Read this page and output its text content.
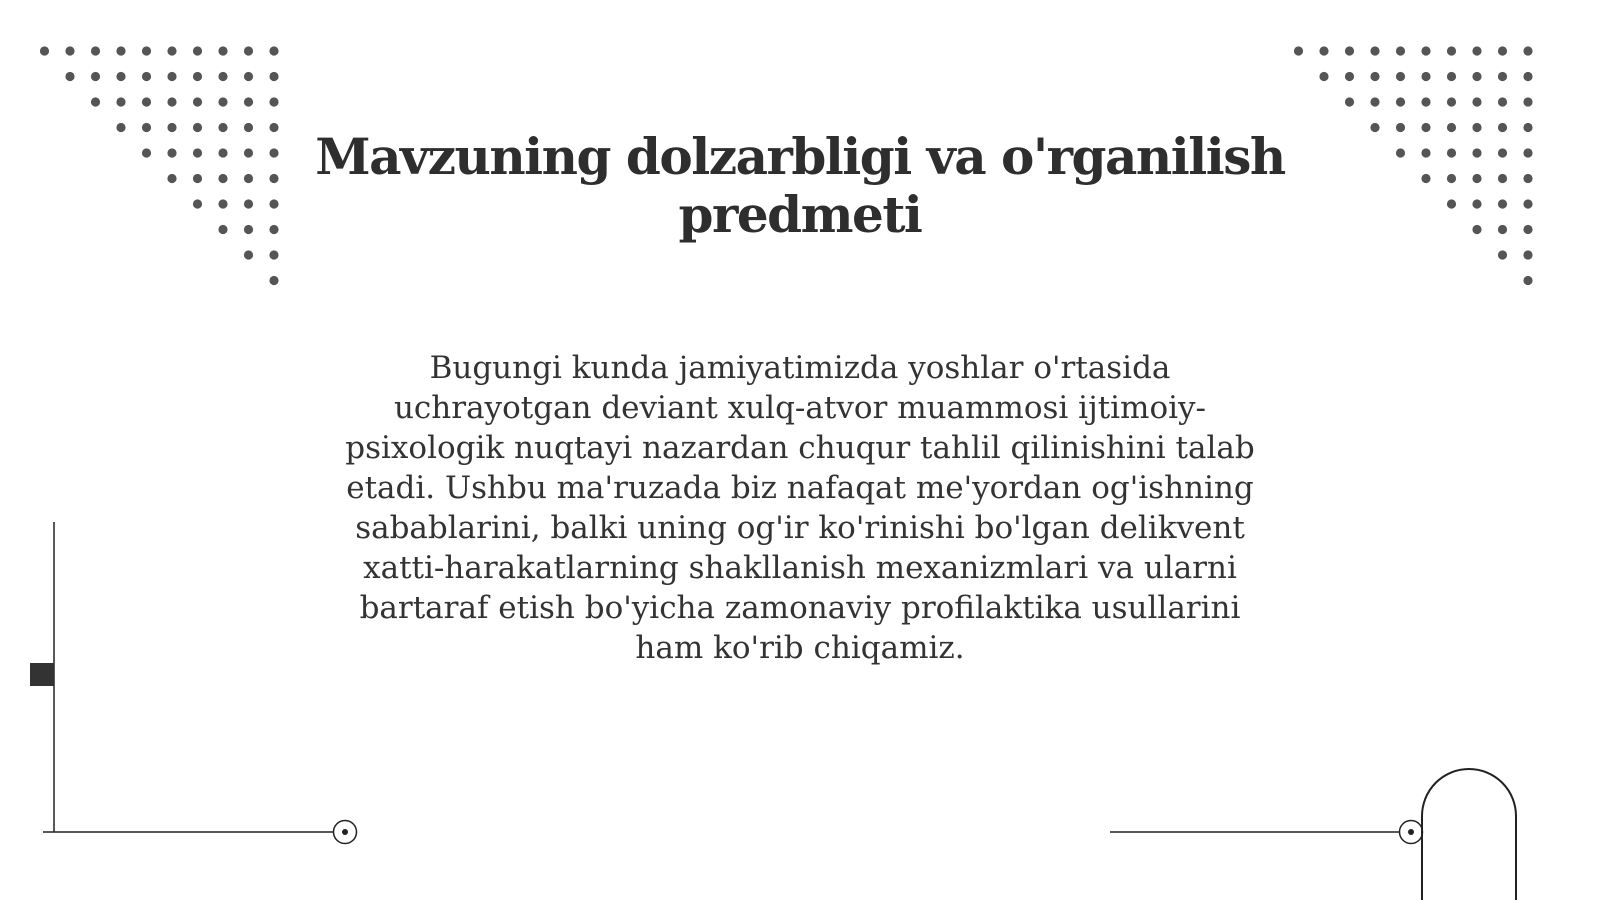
Mavzuning dolzarbligi va o'rganilish predmeti

Bugungi kunda jamiyatimizda yoshlar o'rtasida uchrayotgan deviant xulq-atvor muammosi ijtimoiy-psixologik nuqtayi nazardan chuqur tahlil qilinishini talab etadi. Ushbu ma'ruzada biz nafaqat me'yordan og'ishning sabablarini, balki uning og'ir ko'rinishi bo'lgan delikvent xatti-harakatlarning shakllanish mexanizmlari va ularni bartaraf etish bo'yicha zamonaviy profilaktika usullarini ham ko'rib chiqamiz.
